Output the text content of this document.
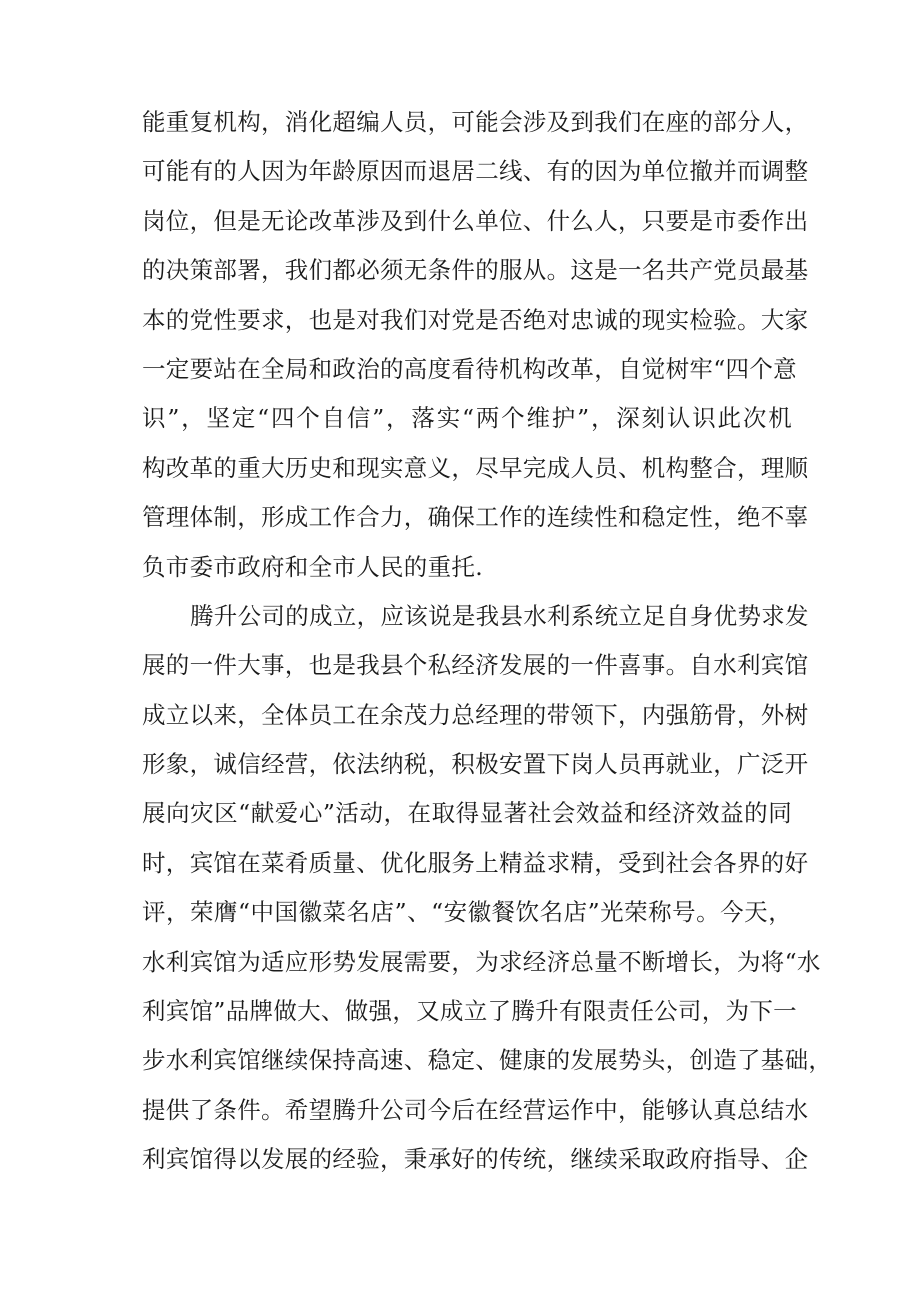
能重复机构，消化超编人员，可能会涉及到我们在座的部分人，
可能有的人因为年龄原因而退居二线、有的因为单位撤并而调整
岗位，但是无论改革涉及到什么单位、什么人，只要是市委作出
的决策部署，我们都必须无条件的服从。这是一名共产党员最基
本的党性要求，也是对我们对党是否绝对忠诚的现实检验。大家
一定要站在全局和政治的高度看待机构改革，自觉树牢“四个意
识”，坚定“四个自信”，落实“两个维护”，深刻认识此次机
构改革的重大历史和现实意义，尽早完成人员、机构整合，理顺
管理体制，形成工作合力，确保工作的连续性和稳定性，绝不辜
负市委市政府和全市人民的重托.
腾升公司的成立，应该说是我县水利系统立足自身优势求发
展的一件大事，也是我县个私经济发展的一件喜事。自水利宾馆
成立以来，全体员工在余茂力总经理的带领下，内强筋骨，外树
形象，诚信经营，依法纳税，积极安置下岗人员再就业，广泛开
展向灾区“献爱心”活动，在取得显著社会效益和经济效益的同
时，宾馆在菜肴质量、优化服务上精益求精，受到社会各界的好
评，荣膺“中国徽菜名店”、“安徽餐饮名店”光荣称号。今天，
水利宾馆为适应形势发展需要，为求经济总量不断增长，为将“水
利宾馆”品牌做大、做强，又成立了腾升有限责任公司，为下一
步水利宾馆继续保持高速、稳定、健康的发展势头，创造了基础，
提供了条件。希望腾升公司今后在经营运作中，能够认真总结水
利宾馆得以发展的经验，秉承好的传统，继续采取政府指导、企
